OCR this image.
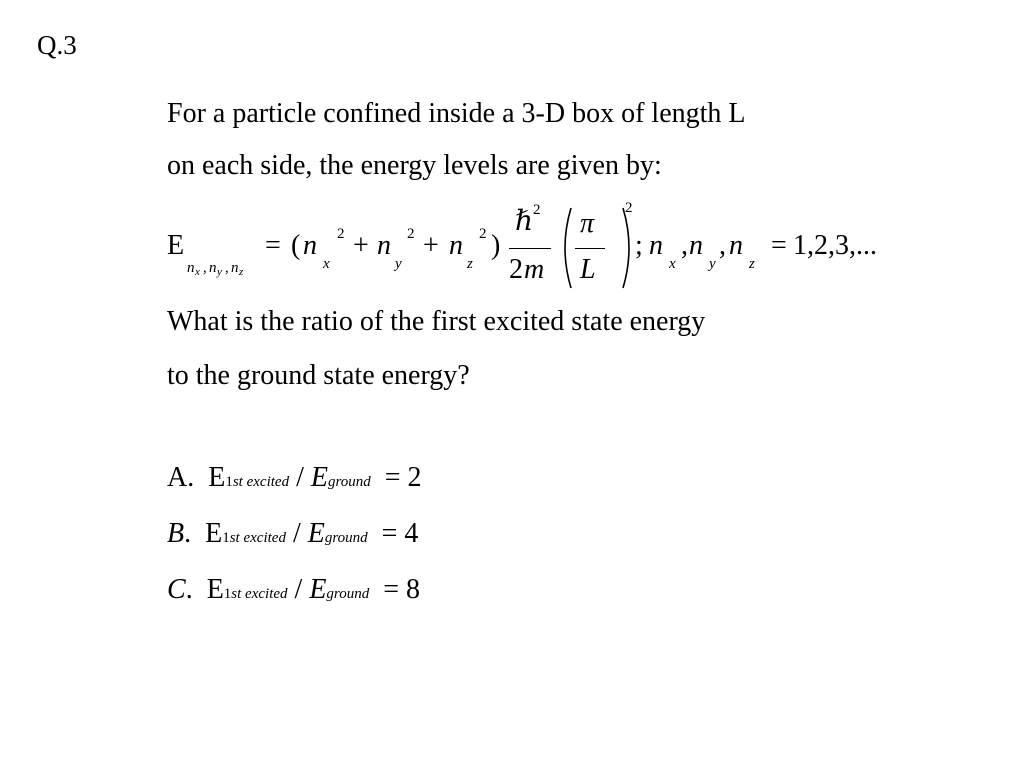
Q.3
For a particle confined inside a 3-D box of length L
on each side, the energy levels are given by:
E
n x , n y , n z
= ( n 2
x
+ n 2
y
+ n 2
z
)
ℏ 2
2 m
π
L
2
; n
x
, n
y
, n
z
= 1,2,3,...
What is the ratio of the first excited state energy
to the ground state energy?
A. E1st excited / Eground = 2
B. E1st excited / Eground = 4
C. E1st excited / Eground = 8
